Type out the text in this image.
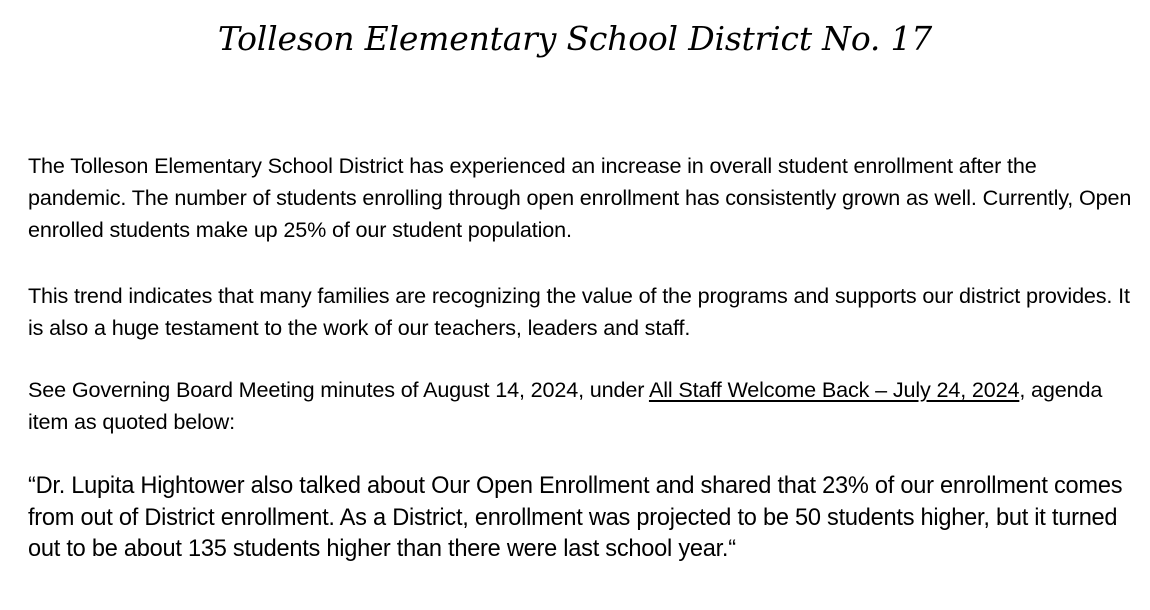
Tolleson Elementary School District No. 17

The Tolleson Elementary School District has experienced an increase in overall student enrollment after the pandemic. The number of students enrolling through open enrollment has consistently grown as well. Currently, Open enrolled students make up 25% of our student population.

This trend indicates that many families are recognizing the value of the programs and supports our district provides. It is also a huge testament to the work of our teachers, leaders and staff.

See Governing Board Meeting minutes of August 14, 2024, under All Staff Welcome Back – July 24, 2024, agenda item as quoted below:

“Dr. Lupita Hightower also talked about Our Open Enrollment and shared that 23% of our enrollment comes from out of District enrollment. As a District, enrollment was projected to be 50 students higher, but it turned out to be about 135 students higher than there were last school year.“
